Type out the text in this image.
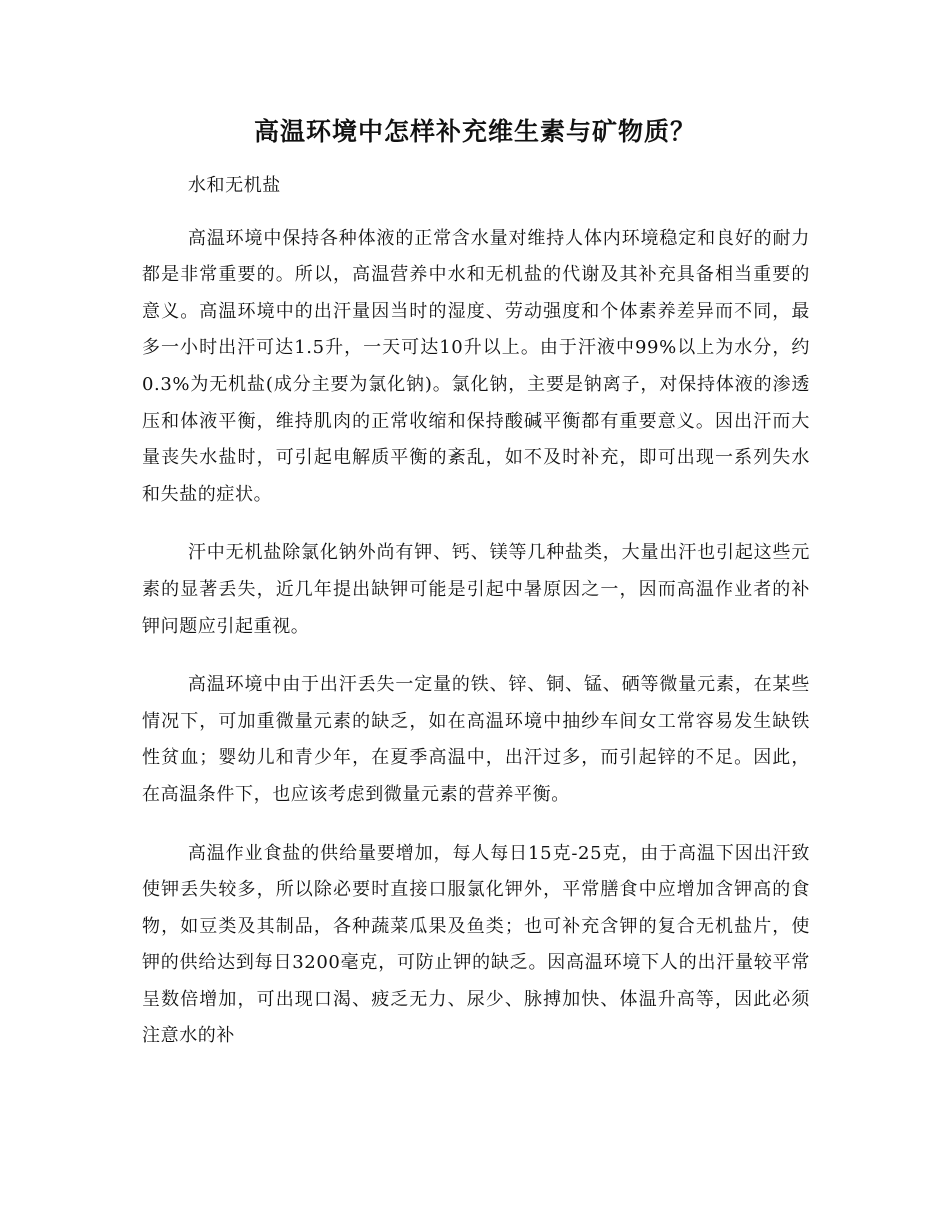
高温环境中怎样补充维生素与矿物质？

水和无机盐

高温环境中保持各种体液的正常含水量对维持人体内环境稳定和良好的耐力都是非常重要的。所以，高温营养中水和无机盐的代谢及其补充具备相当重要的意义。高温环境中的出汗量因当时的湿度、劳动强度和个体素养差异而不同，最多一小时出汗可达1.5升，一天可达10升以上。由于汗液中99%以上为水分，约0.3%为无机盐(成分主要为氯化钠)。氯化钠，主要是钠离子，对保持体液的渗透压和体液平衡，维持肌肉的正常收缩和保持酸碱平衡都有重要意义。因出汗而大量丧失水盐时，可引起电解质平衡的紊乱，如不及时补充，即可出现一系列失水和失盐的症状。

汗中无机盐除氯化钠外尚有钾、钙、镁等几种盐类，大量出汗也引起这些元素的显著丢失，近几年提出缺钾可能是引起中暑原因之一，因而高温作业者的补钾问题应引起重视。

高温环境中由于出汗丢失一定量的铁、锌、铜、锰、硒等微量元素，在某些情况下，可加重微量元素的缺乏，如在高温环境中抽纱车间女工常容易发生缺铁性贫血；婴幼儿和青少年，在夏季高温中，出汗过多，而引起锌的不足。因此，在高温条件下，也应该考虑到微量元素的营养平衡。

高温作业食盐的供给量要增加，每人每日15克-25克，由于高温下因出汗致使钾丢失较多，所以除必要时直接口服氯化钾外，平常膳食中应增加含钾高的食物，如豆类及其制品，各种蔬菜瓜果及鱼类；也可补充含钾的复合无机盐片，使钾的供给达到每日3200毫克，可防止钾的缺乏。因高温环境下人的出汗量较平常呈数倍增加，可出现口渴、疲乏无力、尿少、脉搏加快、体温升高等，因此必须注意水的补
